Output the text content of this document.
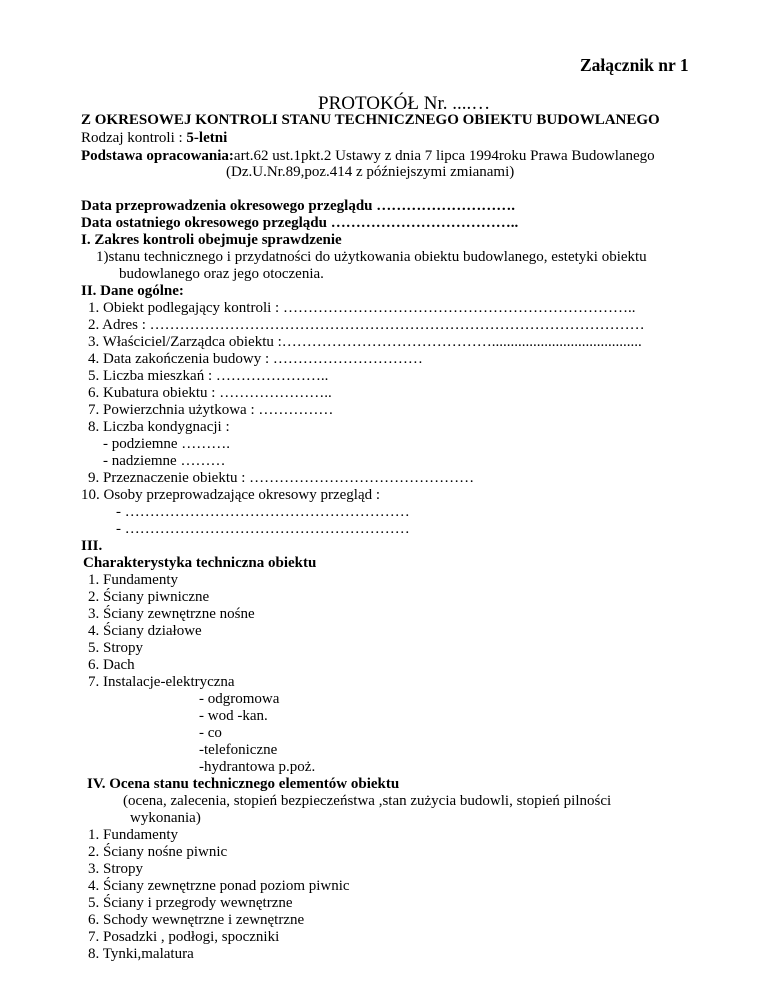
Załącznik nr 1
PROTOKÓŁ Nr. ....…
Z OKRESOWEJ KONTROLI STANU TECHNICZNEGO OBIEKTU BUDOWLANEGO
Rodzaj kontroli : 5-letni
Podstawa opracowania:art.62 ust.1pkt.2 Ustawy z dnia 7 lipca 1994roku Prawa Budowlanego
(Dz.U.Nr.89,poz.414 z późniejszymi zmianami)
Data przeprowadzenia okresowego przeglądu ……………………….
Data ostatniego okresowego przeglądu ………………………………..
I. Zakres kontroli obejmuje sprawdzenie
1)stanu technicznego i przydatności do użytkowania obiektu budowlanego, estetyki obiektu
budowlanego oraz jego otoczenia.
II. Dane ogólne:
1. Obiekt podlegający kontroli : ……………………………………………………………..
2. Adres : ………………………………………………………………………………………
3. Właściciel/Zarządca obiektu :……………………………………........................................
4. Data zakończenia budowy : …………………………
5. Liczba mieszkań : …………………..
6. Kubatura obiektu : …………………..
7. Powierzchnia użytkowa : ……………
8. Liczba kondygnacji :
- podziemne ……….
- nadziemne ………
9. Przeznaczenie obiektu : ………………………………………
10. Osoby przeprowadzające okresowy przegląd :
- …………………………………………………
- …………………………………………………
III.
Charakterystyka techniczna obiektu
1. Fundamenty
2. Ściany piwniczne
3. Ściany zewnętrzne nośne
4. Ściany działowe
5. Stropy
6. Dach
7. Instalacje-elektryczna
- odgromowa
- wod -kan.
- co
-telefoniczne
-hydrantowa p.poż.
IV. Ocena stanu technicznego elementów obiektu
(ocena, zalecenia, stopień bezpieczeństwa ,stan zużycia budowli, stopień pilności
wykonania)
1. Fundamenty
2. Ściany nośne piwnic
3. Stropy
4. Ściany zewnętrzne ponad poziom piwnic
5. Ściany i przegrody wewnętrzne
6. Schody wewnętrzne i zewnętrzne
7. Posadzki , podłogi, spoczniki
8. Tynki,malatura
